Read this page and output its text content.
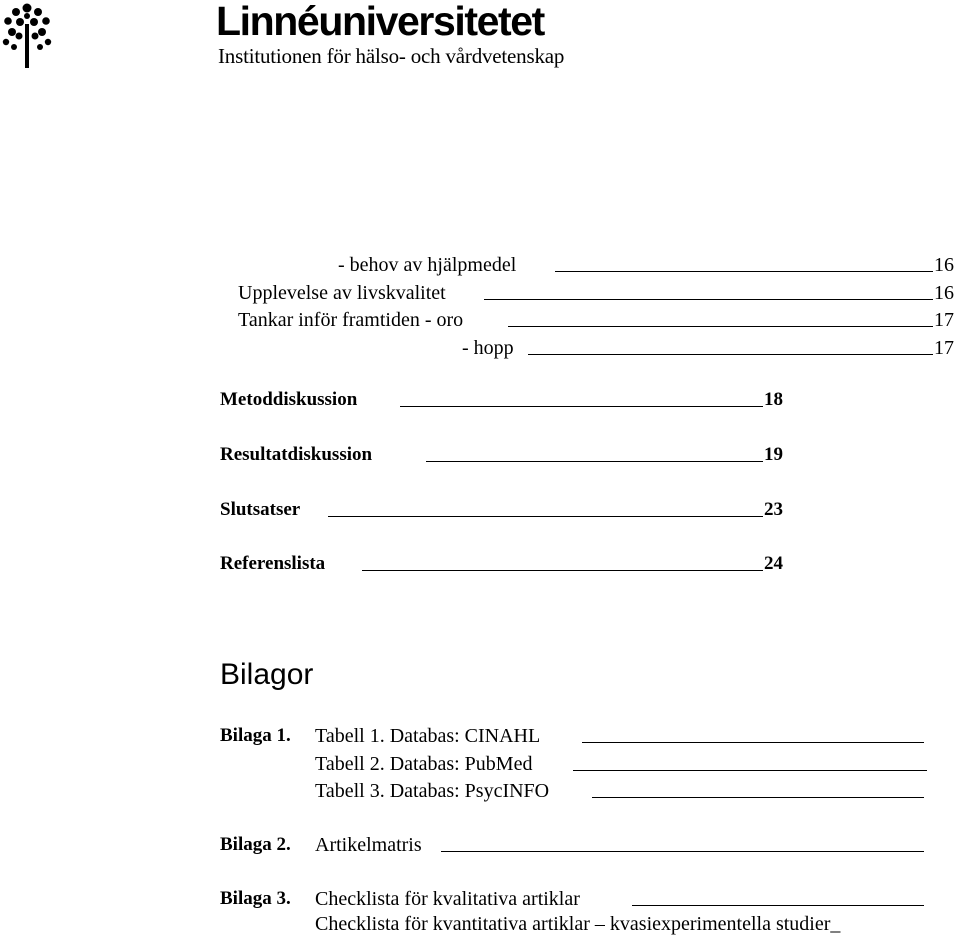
Linnéuniversitetet
Institutionen för hälso- och vårdvetenskap
- behov av hjälpmedel	16
Upplevelse av livskvalitet	16
Tankar inför framtiden - oro	17
- hopp	17
Metoddiskussion	18
Resultatdiskussion	19
Slutsatser	23
Referenslista	24
Bilagor
Bilaga 1. Tabell 1. Databas: CINAHL
Tabell 2. Databas: PubMed
Tabell 3. Databas: PsycINFO
Bilaga 2. Artikelmatris
Bilaga 3. Checklista för kvalitativa artiklar
Checklista för kvantitativa artiklar – kvasiexperimentella studier_
